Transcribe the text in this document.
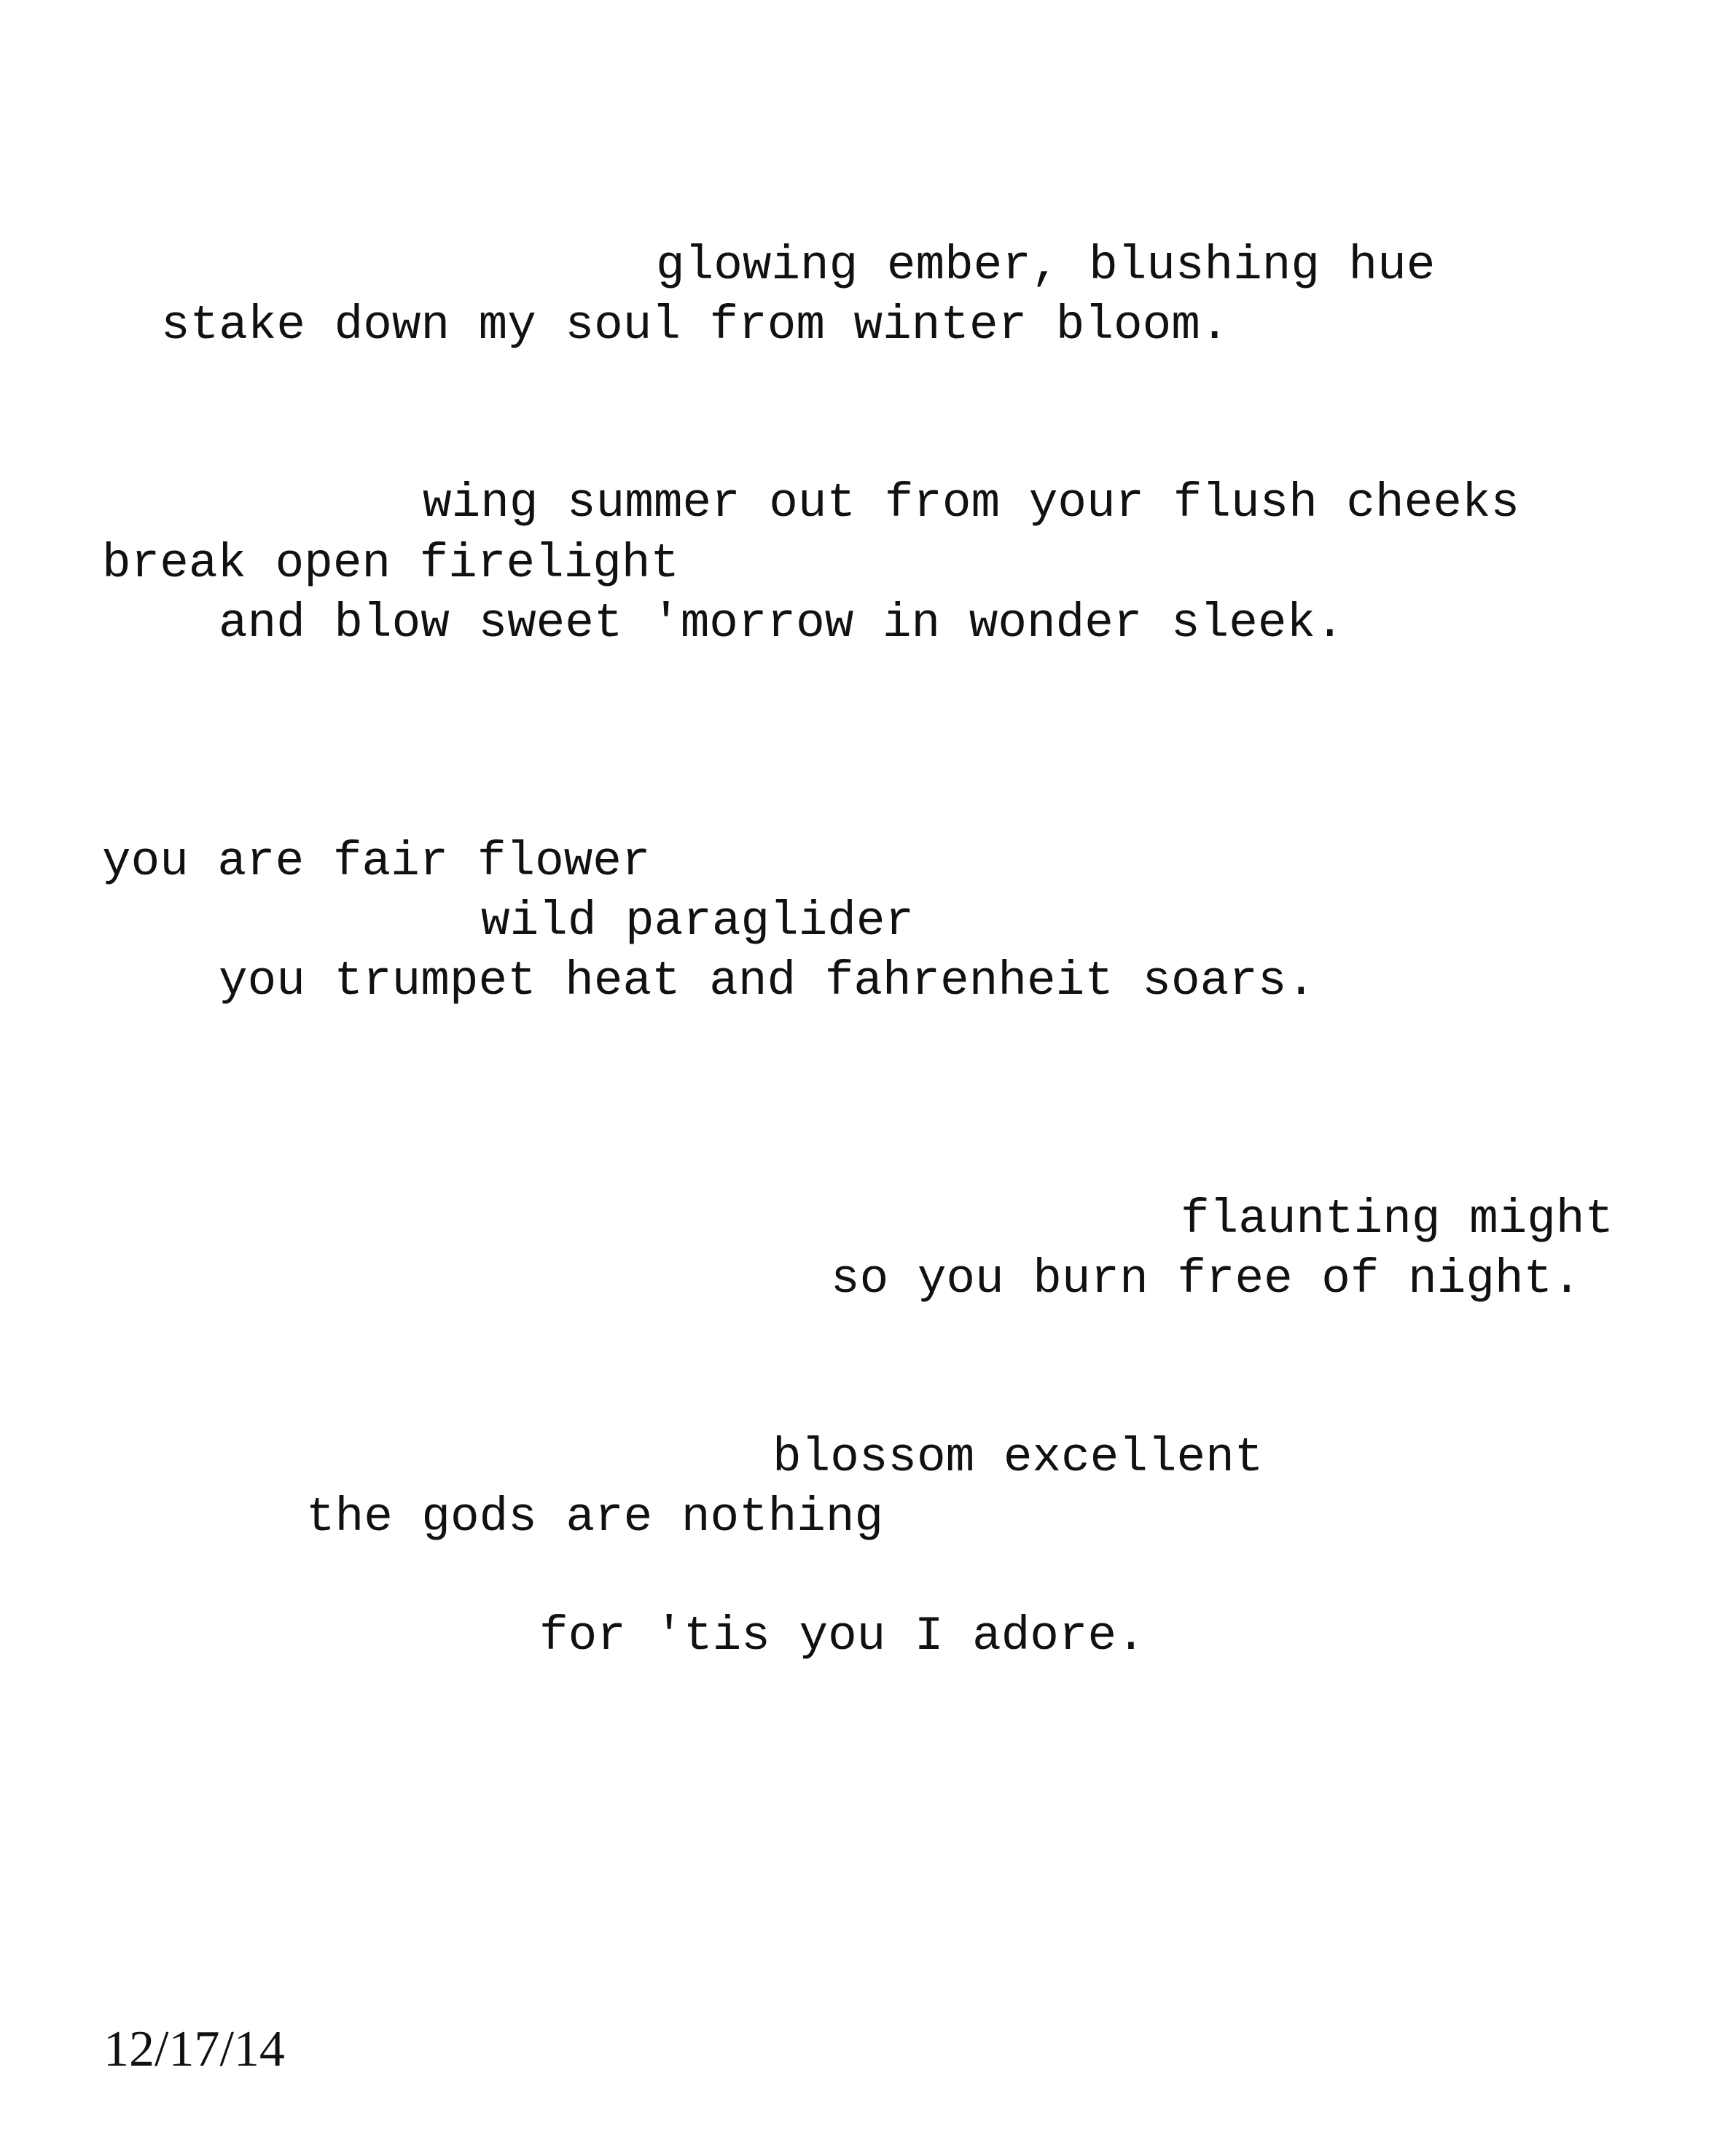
glowing ember, blushing hue

stake down my soul from winter bloom.

wing summer out from your flush cheeks

break open firelight

and blow sweet 'morrow in wonder sleek.

you are fair flower

wild paraglider

you trumpet heat and fahrenheit soars.

flaunting might

so you burn free of night.

blossom excellent

the gods are nothing

for 'tis you I adore.

12/17/14
